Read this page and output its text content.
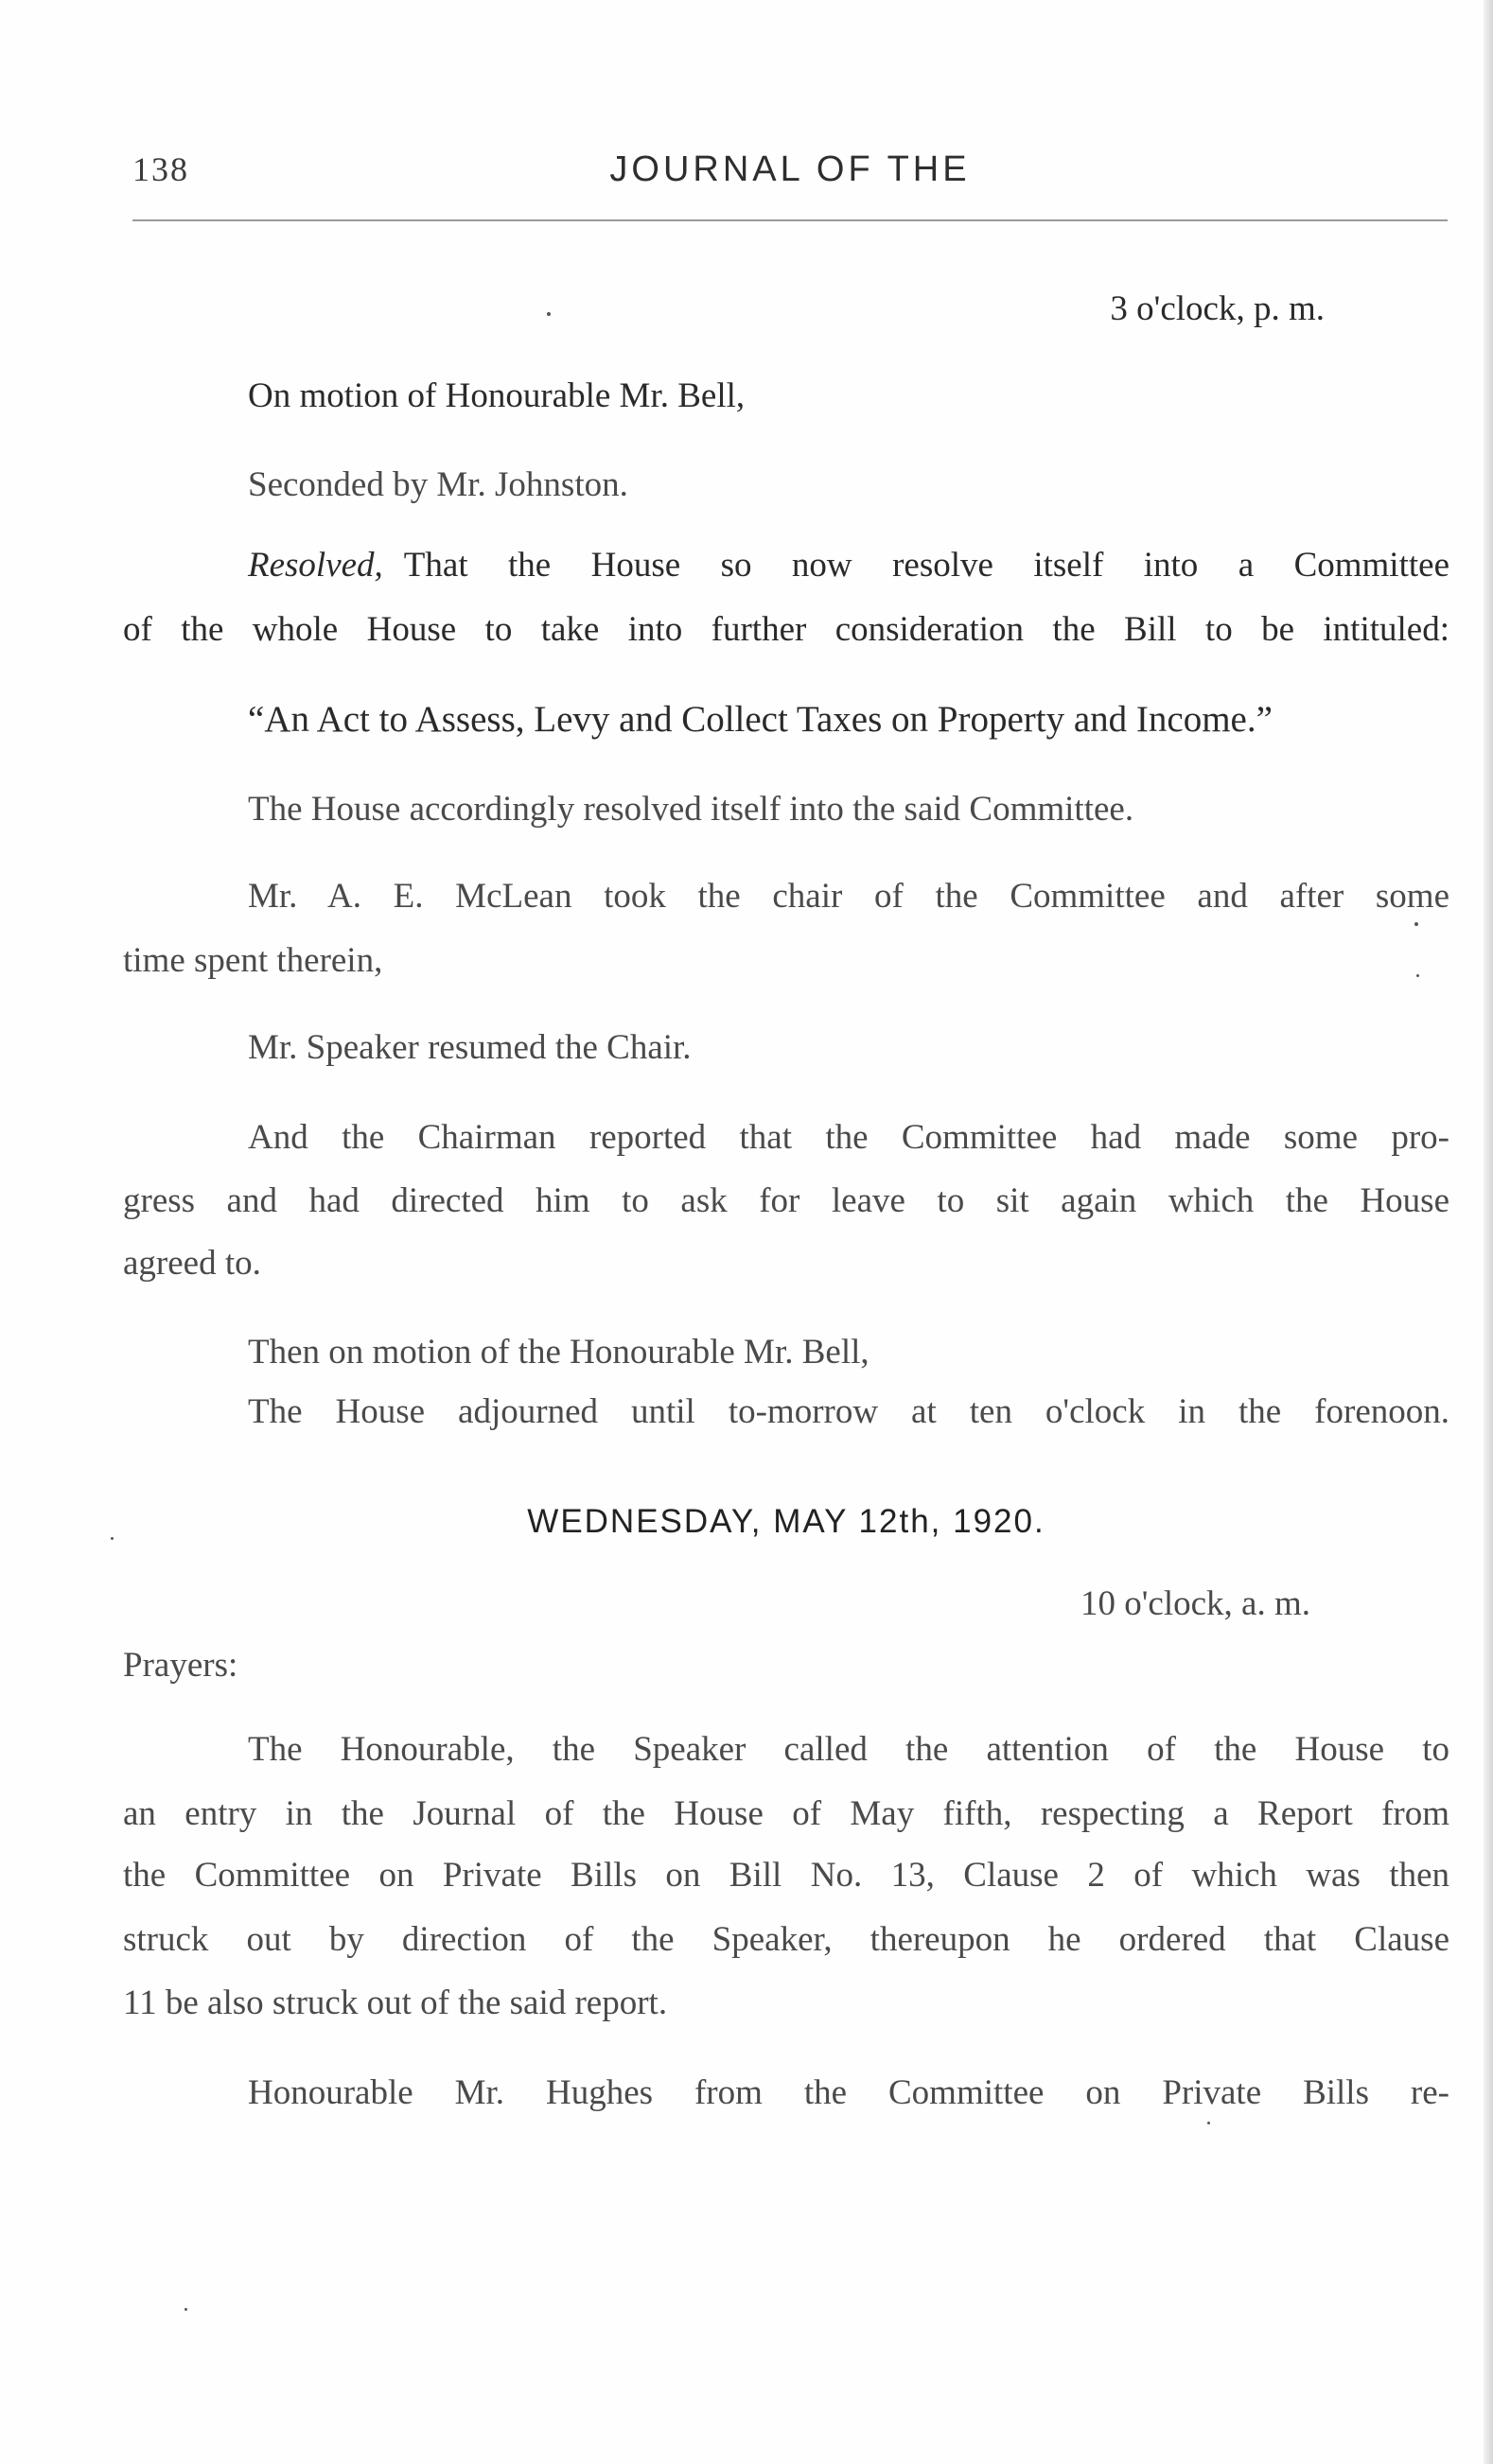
138	JOURNAL OF THE
3 o'clock, p. m.
On motion of Honourable Mr. Bell,
Seconded by Mr. Johnston.
Resolved, That the House so now resolve itself into a Committee
of the whole House to take into further consideration the Bill to be intituled:
“An Act to Assess, Levy and Collect Taxes on Property and Income.”
The House accordingly resolved itself into the said Committee.
Mr. A. E. McLean took the chair of the Committee and after some
time spent therein,
Mr. Speaker resumed the Chair.
And the Chairman reported that the Committee had made some pro-
gress and had directed him to ask for leave to sit again which the House
agreed to.
Then on motion of the Honourable Mr. Bell,
The House adjourned until to-morrow at ten o'clock in the forenoon.
WEDNESDAY, MAY 12th, 1920.
10 o'clock, a. m.
Prayers:
The Honourable, the Speaker called the attention of the House to
an entry in the Journal of the House of May fifth, respecting a Report from
the Committee on Private Bills on Bill No. 13, Clause 2 of which was then
struck out by direction of the Speaker, thereupon he ordered that Clause
11 be also struck out of the said report.
Honourable Mr. Hughes from the Committee on Private Bills re-
